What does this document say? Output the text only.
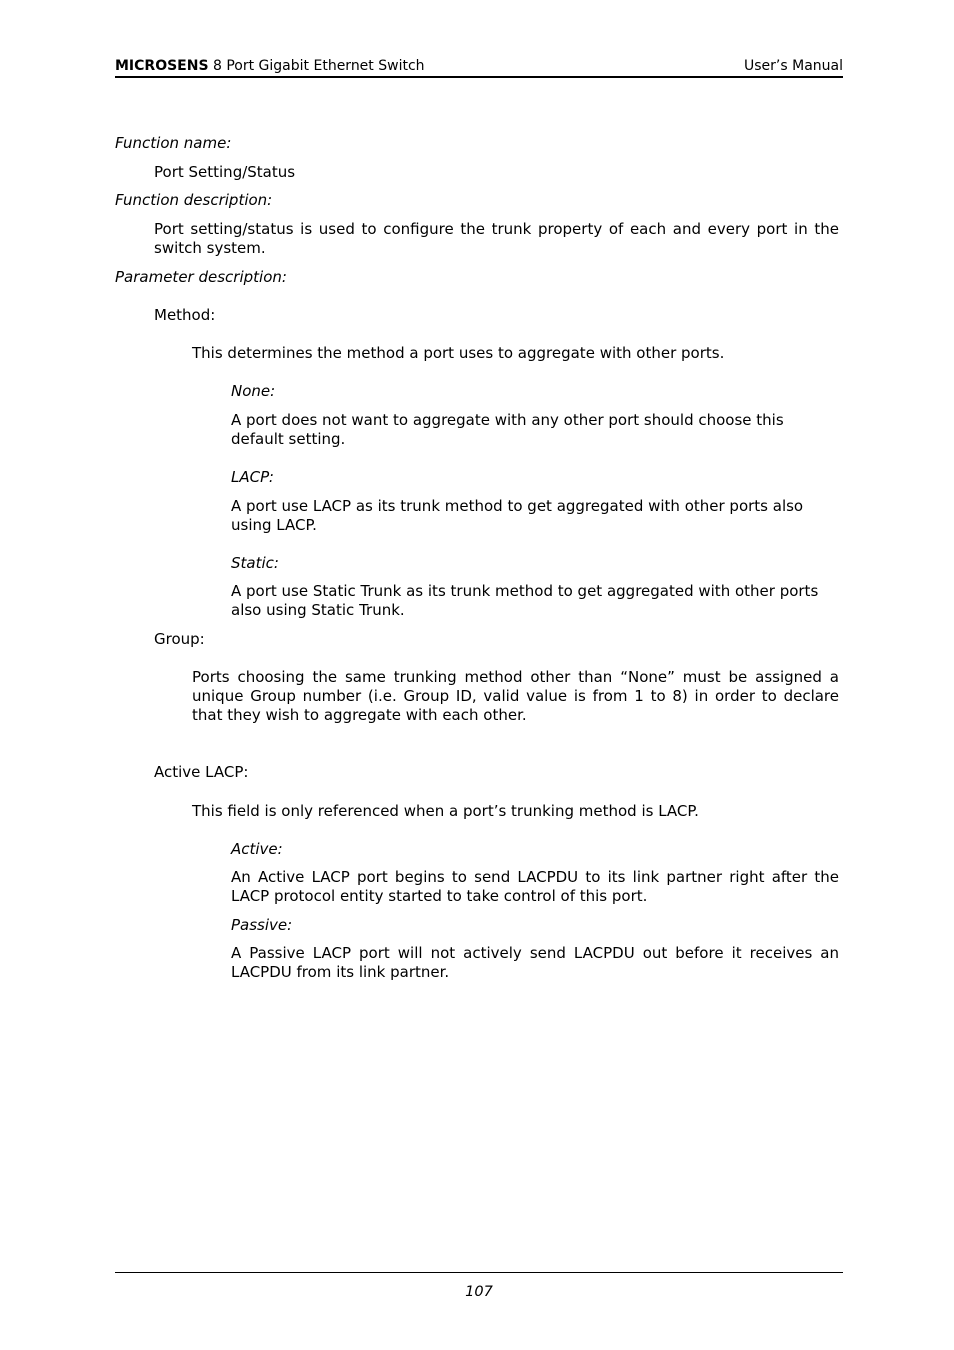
MICROSENS 8 Port Gigabit Ethernet Switch	User’s Manual

Function name:

Port Setting/Status

Function description:

Port setting/status is used to configure the trunk property of each and every port in the switch system.

Parameter description:

Method:

This determines the method a port uses to aggregate with other ports.

None:

A port does not want to aggregate with any other port should choose this default setting.

LACP:

A port use LACP as its trunk method to get aggregated with other ports also using LACP.

Static:

A port use Static Trunk as its trunk method to get aggregated with other ports also using Static Trunk.

Group:

Ports choosing the same trunking method other than “None” must be assigned a unique Group number (i.e. Group ID, valid value is from 1 to 8) in order to declare that they wish to aggregate with each other.

Active LACP:

This field is only referenced when a port’s trunking method is LACP.

Active:

An Active LACP port begins to send LACPDU to its link partner right after the LACP protocol entity started to take control of this port.

Passive:

A Passive LACP port will not actively send LACPDU out before it receives an LACPDU from its link partner.

107
